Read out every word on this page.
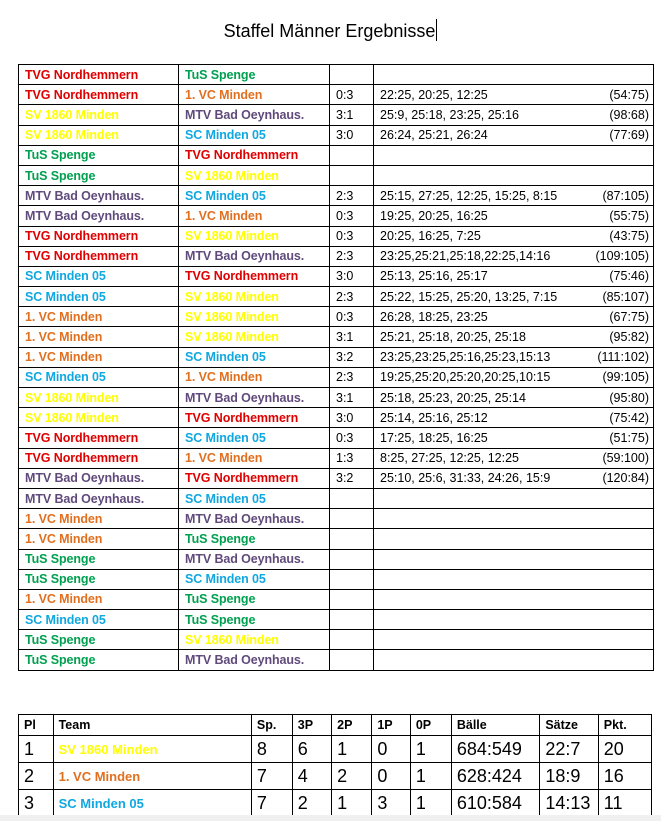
Staffel Männer Ergebnisse
TVG Nordhemmern	TuS Spenge		

TVG Nordhemmern	1. VC Minden	0:3	22:25, 20:25, 12:25 (54:75)

SV 1860 Minden	MTV Bad Oeynhaus.	3:1	25:9, 25:18, 23:25, 25:16 (98:68)

SV 1860 Minden	SC Minden 05	3:0	26:24, 25:21, 26:24 (77:69)

TuS Spenge	TVG Nordhemmern		

TuS Spenge	SV 1860 Minden		

MTV Bad Oeynhaus.	SC Minden 05	2:3	25:15, 27:25, 12:25, 15:25, 8:15 (87:105)

MTV Bad Oeynhaus.	1. VC Minden	0:3	19:25, 20:25, 16:25 (55:75)

TVG Nordhemmern	SV 1860 Minden	0:3	20:25, 16:25, 7:25 (43:75)

TVG Nordhemmern	MTV Bad Oeynhaus.	2:3	23:25,25:21,25:18,22:25,14:16 (109:105)

SC Minden 05	TVG Nordhemmern	3:0	25:13, 25:16, 25:17 (75:46)

SC Minden 05	SV 1860 Minden	2:3	25:22, 15:25, 25:20, 13:25, 7:15 (85:107)

1. VC Minden	SV 1860 Minden	0:3	26:28, 18:25, 23:25 (67:75)

1. VC Minden	SV 1860 Minden	3:1	25:21, 25:18, 20:25, 25:18 (95:82)

1. VC Minden	SC Minden 05	3:2	23:25,23:25,25:16,25:23,15:13 (111:102)

SC Minden 05	1. VC Minden	2:3	19:25,25:20,25:20,20:25,10:15 (99:105)

SV 1860 Minden	MTV Bad Oeynhaus.	3:1	25:18, 25:23, 20:25, 25:14 (95:80)

SV 1860 Minden	TVG Nordhemmern	3:0	25:14, 25:16, 25:12 (75:42)

TVG Nordhemmern	SC Minden 05	0:3	17:25, 18:25, 16:25 (51:75)

TVG Nordhemmern	1. VC Minden	1:3	8:25, 27:25, 12:25, 12:25 (59:100)

MTV Bad Oeynhaus.	TVG Nordhemmern	3:2	25:10, 25:6, 31:33, 24:26, 15:9 (120:84)

MTV Bad Oeynhaus.	SC Minden 05		

1. VC Minden	MTV Bad Oeynhaus.		

1. VC Minden	TuS Spenge		

TuS Spenge	MTV Bad Oeynhaus.		

TuS Spenge	SC Minden 05		

1. VC Minden	TuS Spenge		

SC Minden 05	TuS Spenge		

TuS Spenge	SV 1860 Minden		

TuS Spenge	MTV Bad Oeynhaus.		
Pl	Team	Sp.	3P	2P	1P	0P	Bälle	Sätze	Pkt.
1	SV 1860 Minden	8	6	1	0	1	684:549	22:7	20
2	1. VC Minden	7	4	2	0	1	628:424	18:9	16
3	SC Minden 05	7	2	1	3	1	610:584	14:13	11
